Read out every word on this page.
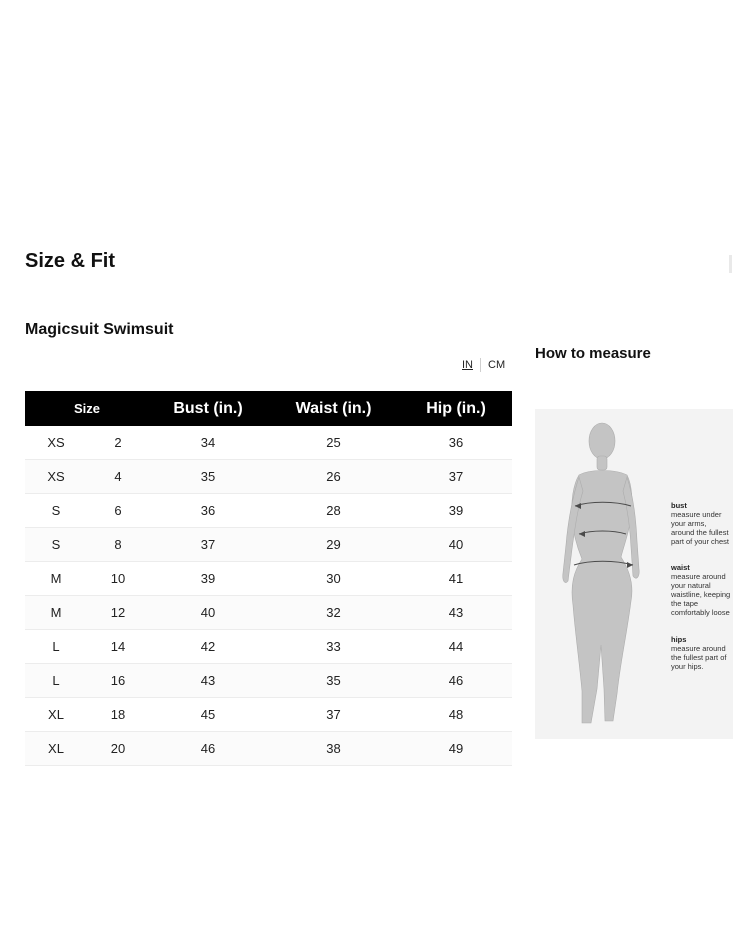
Size & Fit
Magicsuit Swimsuit
IN	CM
Size		Bust (in.)	Waist (in.)	Hip (in.)
XS	2	34	25	36
XS	4	35	26	37
S	6	36	28	39
S	8	37	29	40
M	10	39	30	41
M	12	40	32	43
L	14	42	33	44
L	16	43	35	46
XL	18	45	37	48
XL	20	46	38	49
How to measure
bust
measure under
your arms,
around the fullest
part of your chest
waist
measure around
your natural
waistline, keeping
the tape
comfortably loose
hips
measure around
the fullest part of
your hips.
